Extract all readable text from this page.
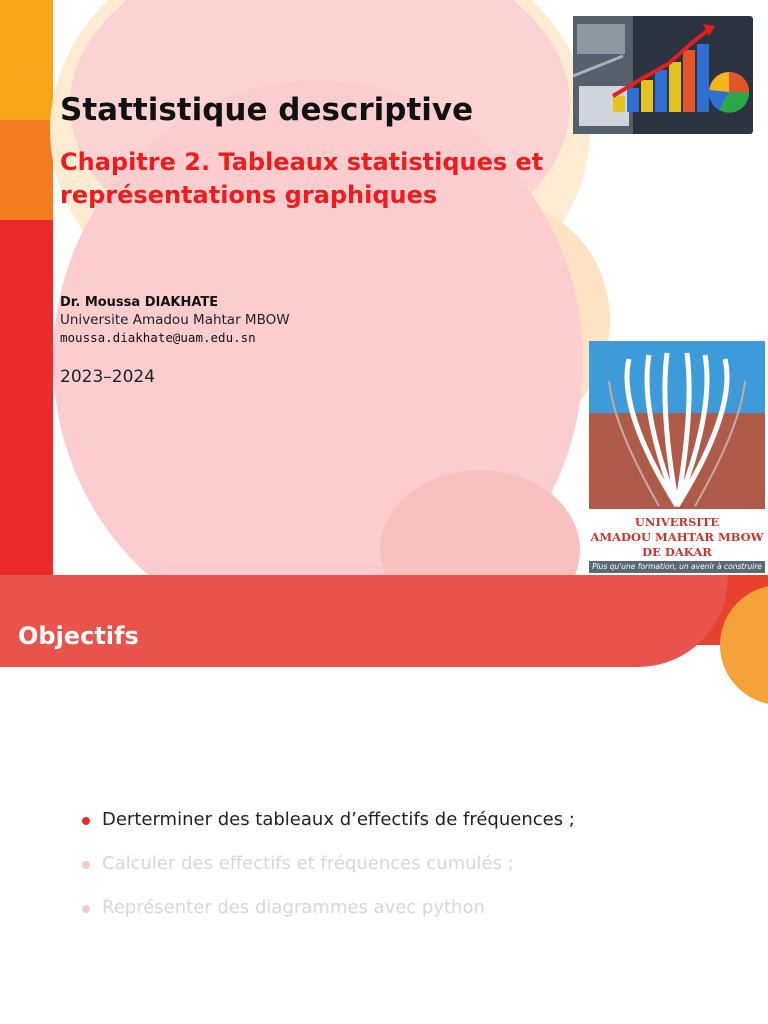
Stattistique descriptive
Chapitre 2. Tableaux statistiques et représentations graphiques
Dr. Moussa DIAKHATE
Universite Amadou Mahtar MBOW
moussa.diakhate@uam.edu.sn
2023–2024
UNIVERSITE
AMADOU MAHTAR MBOW
DE DAKAR
Plus qu'une formation, un avenir à construire
Objectifs
Derterminer des tableaux d’effectifs de fréquences ;
Calculer des effectifs et fréquences cumulés ;
Représenter des diagrammes avec python
